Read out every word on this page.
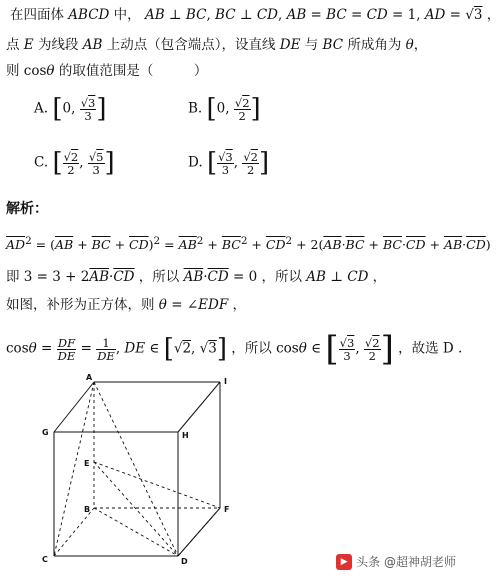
在四面体 ABCD 中， AB ⊥ BC, BC ⊥ CD, AB = BC = CD = 1, AD = √3 ，
点 E 为线段 AB 上动点（包含端点），设直线 DE 与 BC 所成角为 θ，
则 cosθ 的取值范围是（　　　）
A. [0, $\frac{√3}{3}$ ]	B. [0, $\frac{√2}{2}$ ]
C. [ $\frac{√2}{2}$ , $\frac{√5}{3}$ ]	D. [ $\frac{√3}{3}$ , $\frac{√2}{2}$ ]
解析：
$\overline{AD}^2 = (\overline{AB} + \overline{BC} + \overline{CD})^2 = \overline{AB}^2 + \overline{BC}^2 + \overline{CD}^2 + 2(\overline{AB}\cdot\overline{BC} + \overline{BC}\cdot\overline{CD} + \overline{AB}\cdot\overline{CD})$
即 $3 = 3 + 2\overline{AB}\cdot\overline{CD}$ ，所以 $\overline{AB}\cdot\overline{CD} = 0$ ，所以 AB ⊥ CD ，
如图，补形为正方体，则 θ = ∠EDF ，
$\cos\theta = \frac{DF}{DE} = \frac{1}{DE}$ , DE ∈ [√2, √3] ，所以 cosθ ∈ [ $\frac{√3}{3}$ , $\frac{√2}{2}$ ] ，故选 D .
A	I
G	H
E
B	F
C	D	▶ 头条 @超神胡老师
